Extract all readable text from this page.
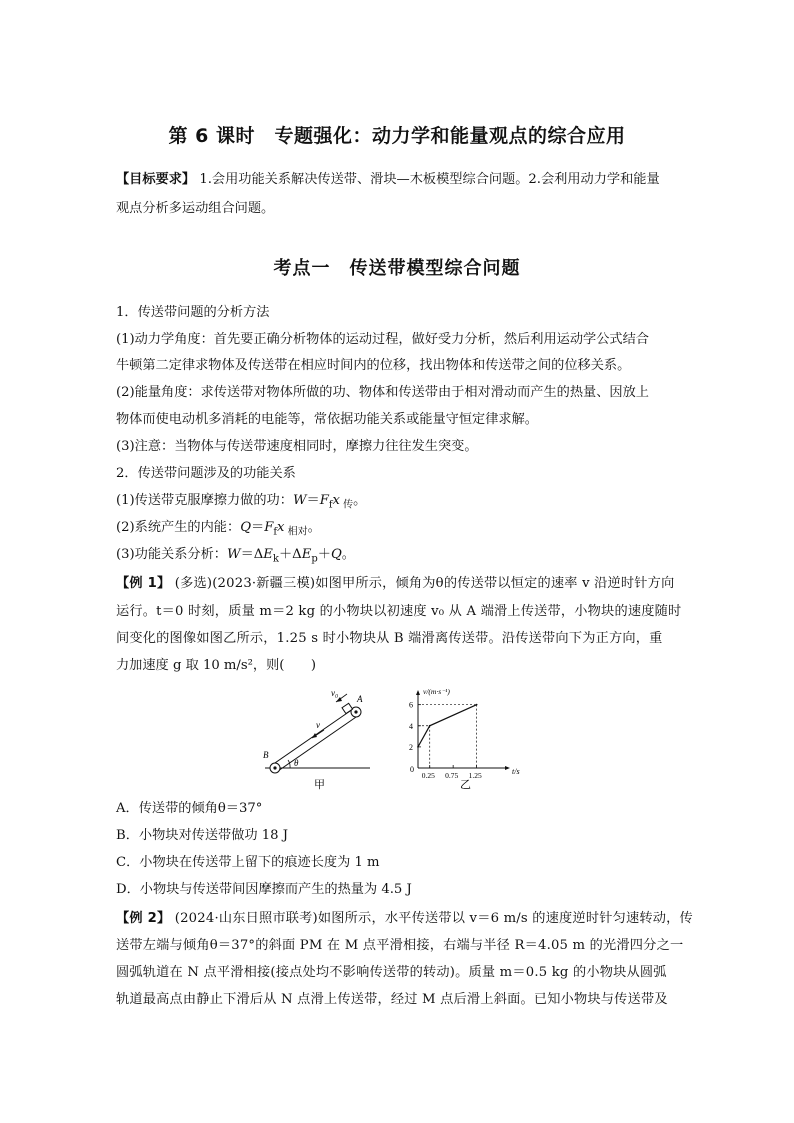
第 6 课时　专题强化：动力学和能量观点的综合应用
【目标要求】 1.会用功能关系解决传送带、滑块—木板模型综合问题。2.会利用动力学和能量
观点分析多运动组合问题。
考点一　传送带模型综合问题
1．传送带问题的分析方法
(1)动力学角度：首先要正确分析物体的运动过程，做好受力分析，然后利用运动学公式结合
牛顿第二定律求物体及传送带在相应时间内的位移，找出物体和传送带之间的位移关系。
(2)能量角度：求传送带对物体所做的功、物体和传送带由于相对滑动而产生的热量、因放上
物体而使电动机多消耗的电能等，常依据功能关系或能量守恒定律求解。
(3)注意：当物体与传送带速度相同时，摩擦力往往发生突变。
2．传送带问题涉及的功能关系
(1)传送带克服摩擦力做的功：$W=F_fx$ $_传$。
(2)系统产生的内能：$Q=F_fx$ $_{相对}$。
(3)功能关系分析：$W=\Delta E_k+\Delta E_p+Q$。
【例 1】 (多选)(2023·新疆三模)如图甲所示，倾角为θ的传送带以恒定的速率 v 沿逆时针方向
运行。t＝0 时刻，质量 m＝2 kg 的小物块以初速度 v₀ 从 A 端滑上传送带，小物块的速度随时
间变化的图像如图乙所示，1.25 s 时小物块从 B 端滑离传送带。沿传送带向下为正方向，重
力加速度 g 取 10 m/s²，则(　　)
v₀
A
B
v
θ
甲
v/(m·s⁻¹)
t/s
0
2
4
6
0.25 0.75 1.25
乙
A．传送带的倾角θ＝37°
B．小物块对传送带做功 18 J
C．小物块在传送带上留下的痕迹长度为 1 m
D．小物块与传送带间因摩擦而产生的热量为 4.5 J
【例 2】 (2024·山东日照市联考)如图所示，水平传送带以 v＝6 m/s 的速度逆时针匀速转动，传
送带左端与倾角θ＝37°的斜面 PM 在 M 点平滑相接，右端与半径 R＝4.05 m 的光滑四分之一
圆弧轨道在 N 点平滑相接(接点处均不影响传送带的转动)。质量 m＝0.5 kg 的小物块从圆弧
轨道最高点由静止下滑后从 N 点滑上传送带，经过 M 点后滑上斜面。已知小物块与传送带及
